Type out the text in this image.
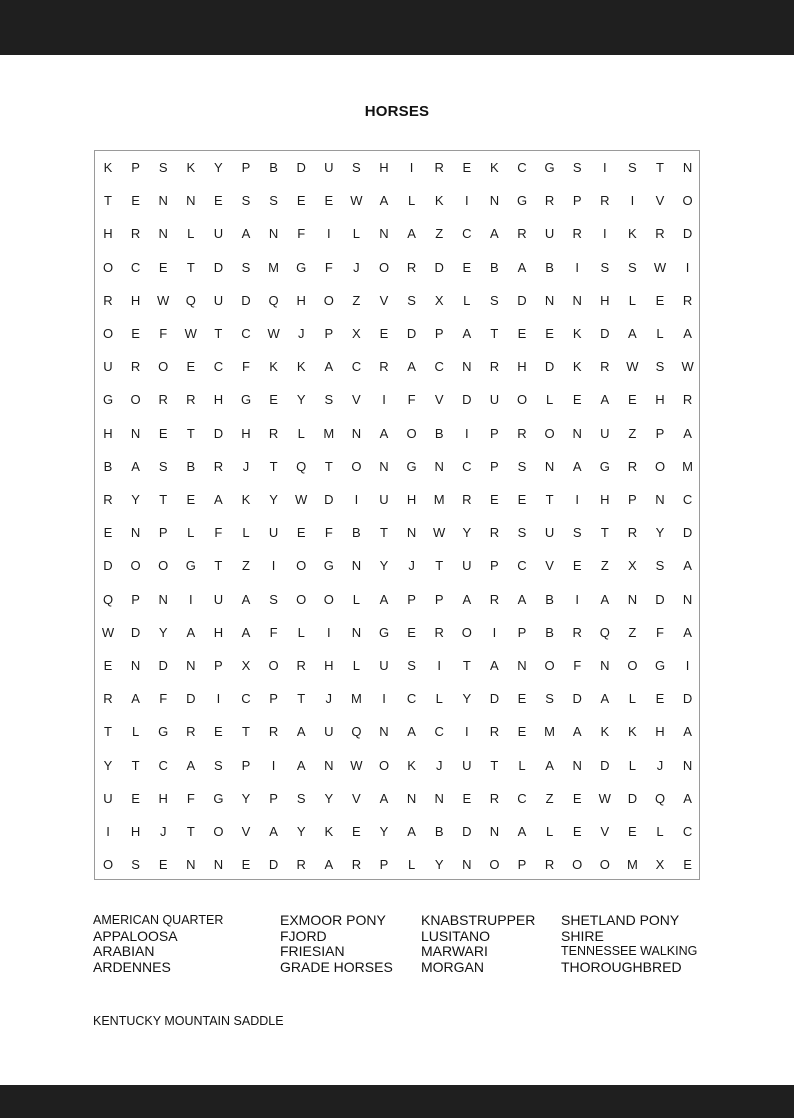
HORSES
K	P	S	K	Y	P	B	D	U	S	H	I	R	E	K	C	G	S	I	S	T	N
T	E	N	N	E	S	S	E	E	W	A	L	K	I	N	G	R	P	R	I	V	O
H	R	N	L	U	A	N	F	I	L	N	A	Z	C	A	R	U	R	I	K	R	D
O	C	E	T	D	S	M	G	F	J	O	R	D	E	B	A	B	I	S	S	W	I
R	H	W	Q	U	D	Q	H	O	Z	V	S	X	L	S	D	N	N	H	L	E	R
O	E	F	W	T	C	W	J	P	X	E	D	P	A	T	E	E	K	D	A	L	A
U	R	O	E	C	F	K	K	A	C	R	A	C	N	R	H	D	K	R	W	S	W
G	O	R	R	H	G	E	Y	S	V	I	F	V	D	U	O	L	E	A	E	H	R
H	N	E	T	D	H	R	L	M	N	A	O	B	I	P	R	O	N	U	Z	P	A
B	A	S	B	R	J	T	Q	T	O	N	G	N	C	P	S	N	A	G	R	O	M
R	Y	T	E	A	K	Y	W	D	I	U	H	M	R	E	E	T	I	H	P	N	C
E	N	P	L	F	L	U	E	F	B	T	N	W	Y	R	S	U	S	T	R	Y	D
D	O	O	G	T	Z	I	O	G	N	Y	J	T	U	P	C	V	E	Z	X	S	A
Q	P	N	I	U	A	S	O	O	L	A	P	P	A	R	A	B	I	A	N	D	N
W	D	Y	A	H	A	F	L	I	N	G	E	R	O	I	P	B	R	Q	Z	F	A
E	N	D	N	P	X	O	R	H	L	U	S	I	T	A	N	O	F	N	O	G	I
R	A	F	D	I	C	P	T	J	M	I	C	L	Y	D	E	S	D	A	L	E	D
T	L	G	R	E	T	R	A	U	Q	N	A	C	I	R	E	M	A	K	K	H	A
Y	T	C	A	S	P	I	A	N	W	O	K	J	U	T	L	A	N	D	L	J	N
U	E	H	F	G	Y	P	S	Y	V	A	N	N	E	R	C	Z	E	W	D	Q	A
I	H	J	T	O	V	A	Y	K	E	Y	A	B	D	N	A	L	E	V	E	L	C
O	S	E	N	N	E	D	R	A	R	P	L	Y	N	O	P	R	O	O	M	X	E
AMERICAN QUARTER
APPALOOSA
ARABIAN
ARDENNES
EXMOOR PONY
FJORD
FRIESIAN
GRADE HORSES
KNABSTRUPPER
LUSITANO
MARWARI
MORGAN
SHETLAND PONY
SHIRE
TENNESSEE WALKING
THOROUGHBRED
KENTUCKY MOUNTAIN SADDLE
